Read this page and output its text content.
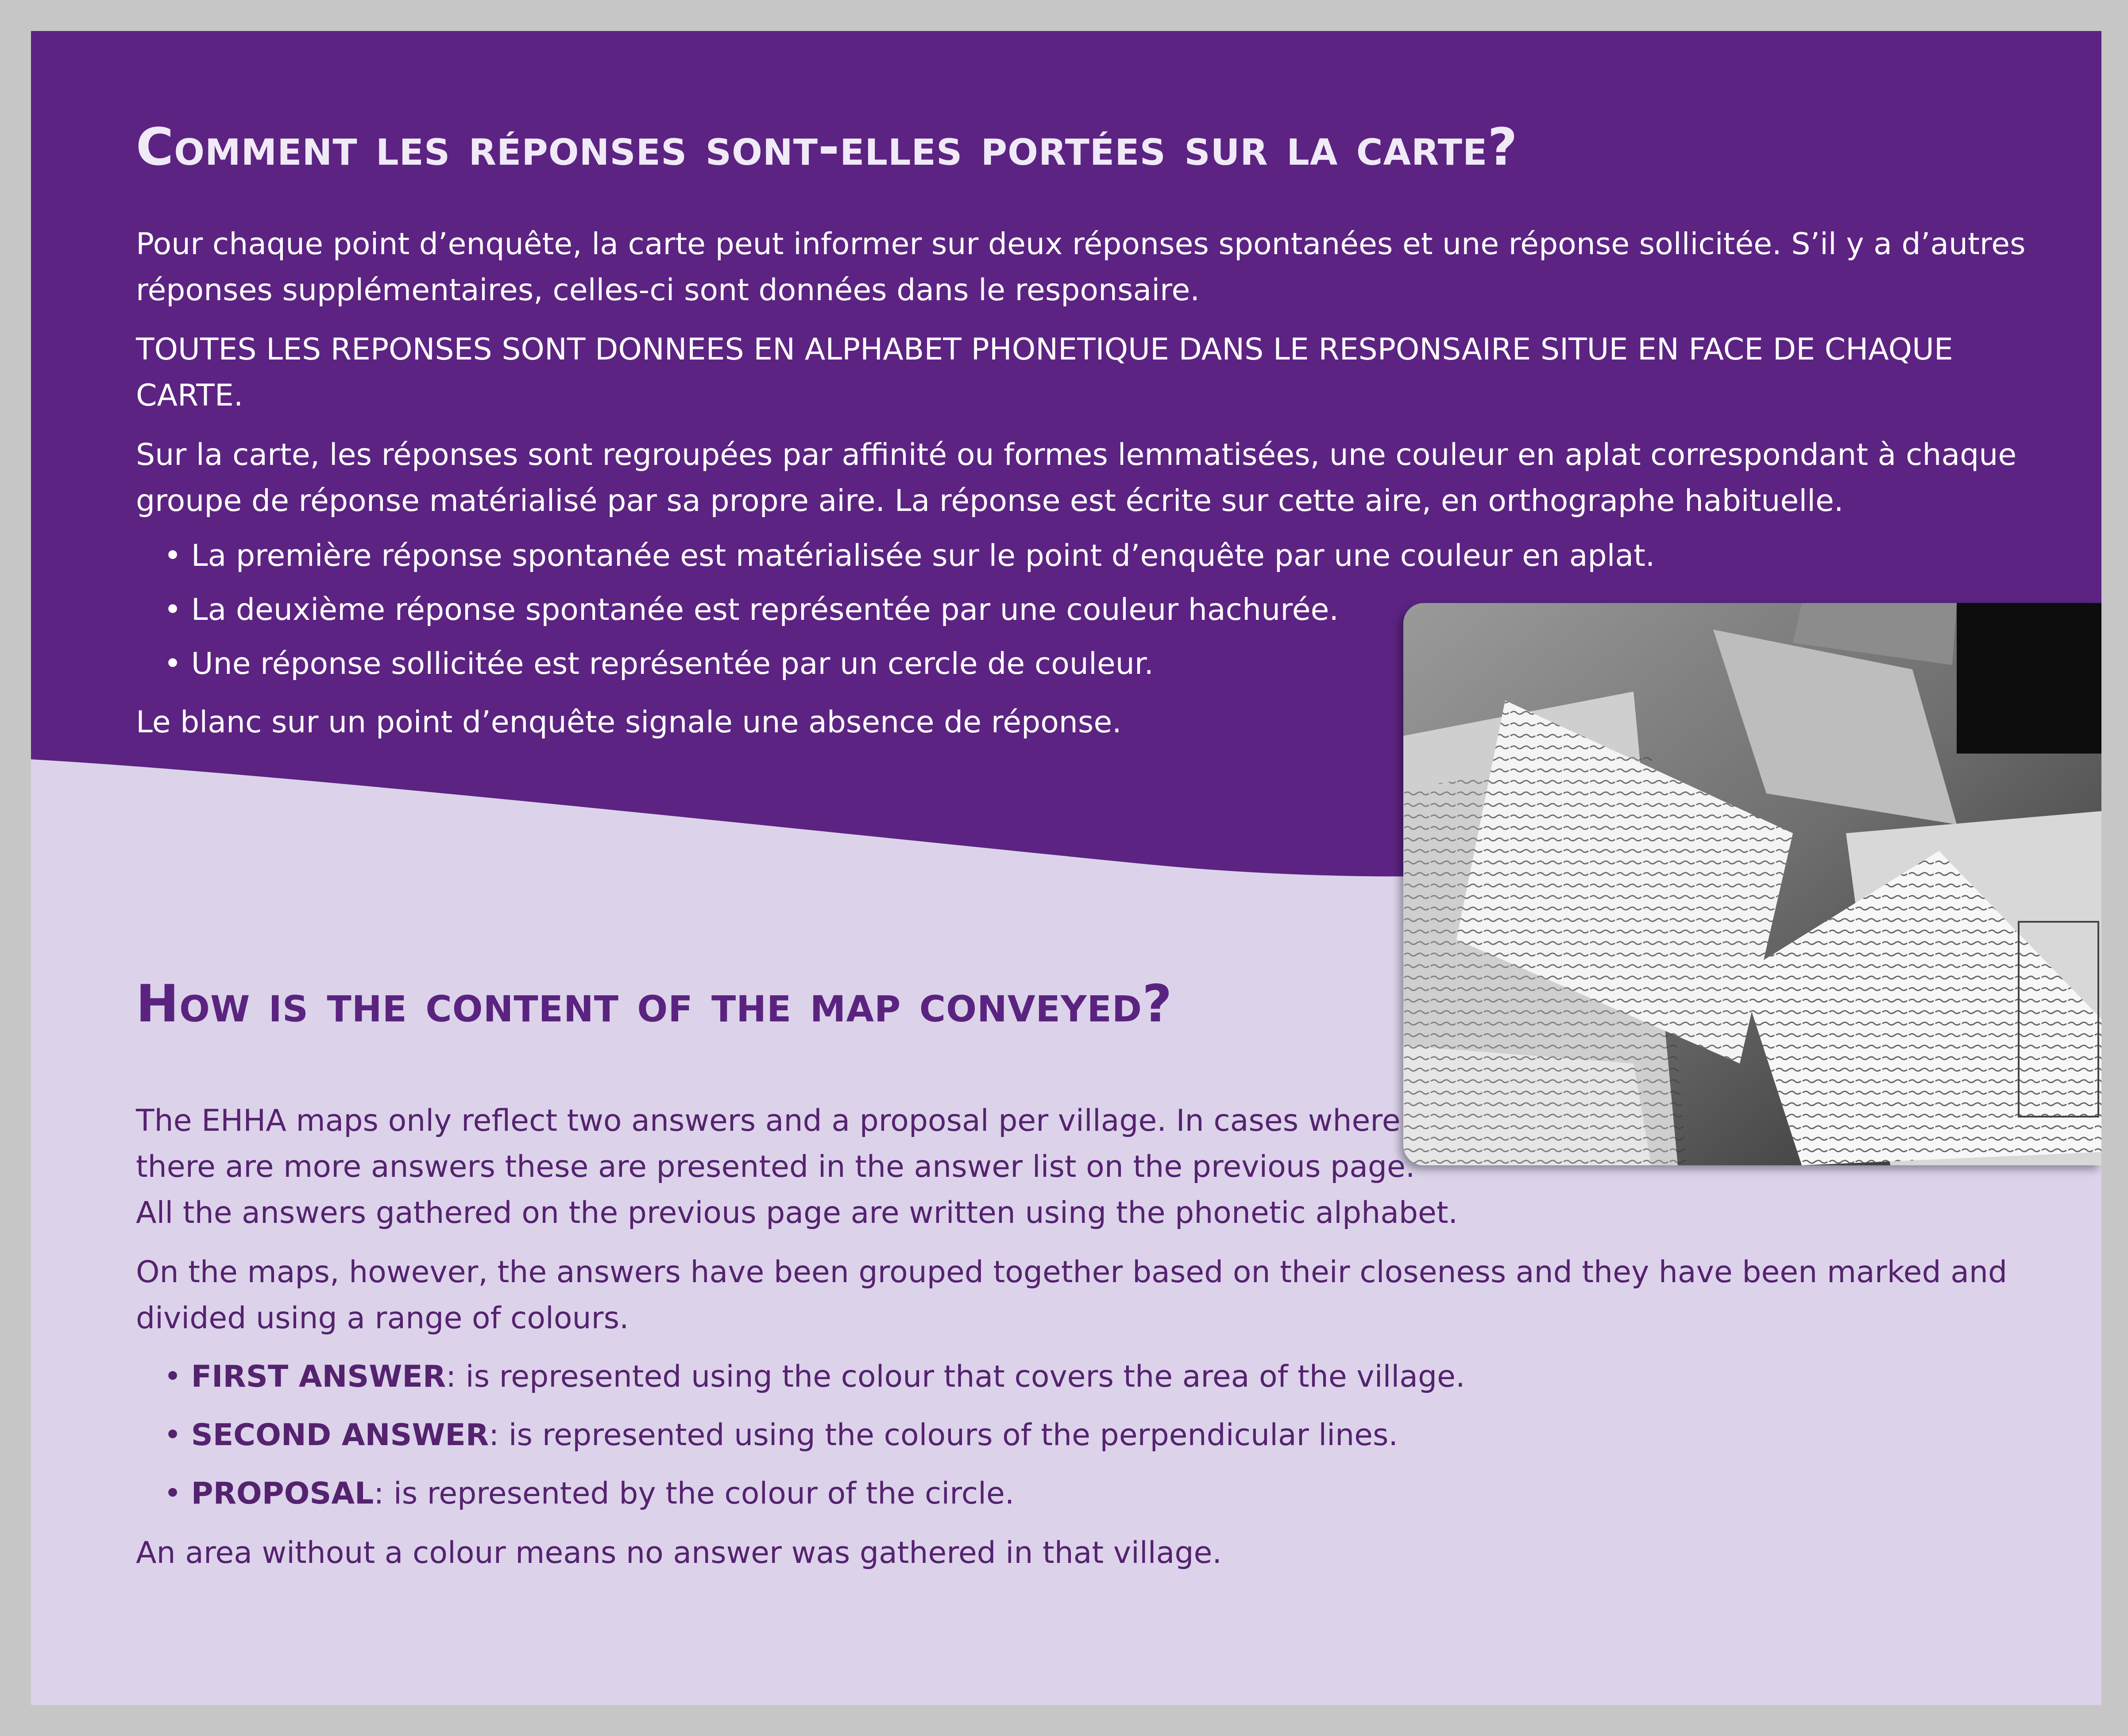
Comment les réponses sont-elles portées sur la carte?

Pour chaque point d’enquête, la carte peut informer sur deux réponses spontanées et une réponse sollicitée. S’il y a d’autres

réponses supplémentaires, celles-ci sont données dans le responsaire.

TOUTES LES REPONSES SONT DONNEES EN ALPHABET PHONETIQUE DANS LE RESPONSAIRE SITUE EN FACE DE CHAQUE

CARTE.

Sur la carte, les réponses sont regroupées par affinité ou formes lemmatisées, une couleur en aplat correspondant à chaque

groupe de réponse matérialisé par sa propre aire. La réponse est écrite sur cette aire, en orthographe habituelle.

• La première réponse spontanée est matérialisée sur le point d’enquête par une couleur en aplat.

• La deuxième réponse spontanée est représentée par une couleur hachurée.

• Une réponse sollicitée est représentée par un cercle de couleur.

Le blanc sur un point d’enquête signale une absence de réponse.

How is the content of the map conveyed?

The EHHA maps only reflect two answers and a proposal per village. In cases where

there are more answers these are presented in the answer list on the previous page.

All the answers gathered on the previous page are written using the phonetic alphabet.

On the maps, however, the answers have been grouped together based on their closeness and they have been marked and

divided using a range of colours.

• FIRST ANSWER: is represented using the colour that covers the area of the village.

• SECOND ANSWER: is represented using the colours of the perpendicular lines.

• PROPOSAL: is represented by the colour of the circle.

An area without a colour means no answer was gathered in that village.
